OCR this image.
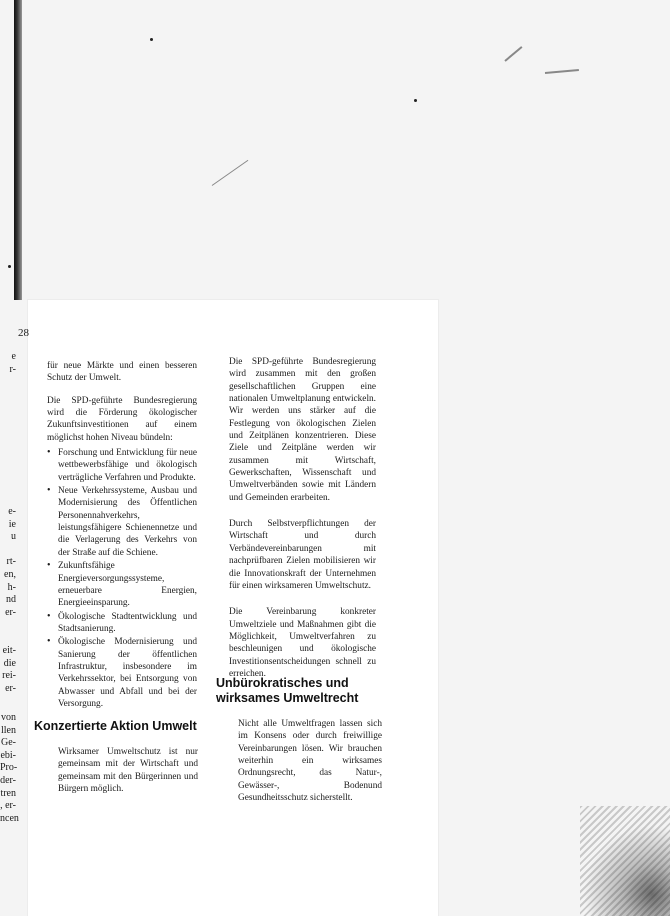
28
e
r-
e-
ie
u

rt-
en,
h-
nd
er-
eit-
die
rei-
er-
von
llen
Ge-
ebi-
Pro-
der-
tren
, er-
ncen

für neue Märkte und einen besseren Schutz der Umwelt.

Die SPD-geführte Bundesregierung wird die Förderung ökologischer Zukunftsinvestitionen auf einem möglichst hohen Niveau bündeln:

• Forschung und Entwicklung für neue wettbewerbsfähige und ökologisch verträgliche Verfahren und Produkte.
• Neue Verkehrssysteme, Ausbau und Modernisierung des Öffentlichen Personennahverkehrs, leistungsfähigere Schienennetze und die Verlagerung des Verkehrs von der Straße auf die Schiene.
• Zukunftsfähige Energieversorgungssysteme, erneuerbare Energien, Energieeinsparung.
• Ökologische Stadtentwicklung und Stadtsanierung.
• Ökologische Modernisierung und Sanierung der öffentlichen Infrastruktur, insbesondere im Verkehrssektor, bei Entsorgung von Abwasser und Abfall und bei der Versorgung.
Konzertierte Aktion Umwelt

Wirksamer Umweltschutz ist nur gemeinsam mit der Wirtschaft und gemeinsam mit den Bürgerinnen und Bürgern möglich.

Die SPD-geführte Bundesregierung wird zusammen mit den großen gesellschaftlichen Gruppen eine nationalen Umweltplanung entwickeln. Wir werden uns stärker auf die Festlegung von ökologischen Zielen und Zeitplänen konzentrieren. Diese Ziele und Zeitpläne werden wir zusammen mit Wirtschaft, Gewerkschaften, Wissenschaft und Umweltverbänden sowie mit Ländern und Gemeinden erarbeiten.

Durch Selbstverpflichtungen der Wirtschaft und durch Verbändevereinbarungen mit nachprüfbaren Zielen mobilisieren wir die Innovationskraft der Unternehmen für einen wirksameren Umweltschutz.

Die Vereinbarung konkreter Umweltziele und Maßnahmen gibt die Möglichkeit, Umweltverfahren zu beschleunigen und ökologische Investitionsentscheidungen schnell zu erreichen.

Unbürokratisches und wirksames Umweltrecht

Nicht alle Umweltfragen lassen sich im Konsens oder durch freiwillige Vereinbarungen lösen. Wir brauchen weiterhin ein wirksames Ordnungsrecht, das Natur-, Gewässer-, Bodenund Gesundheitsschutz sicherstellt.
